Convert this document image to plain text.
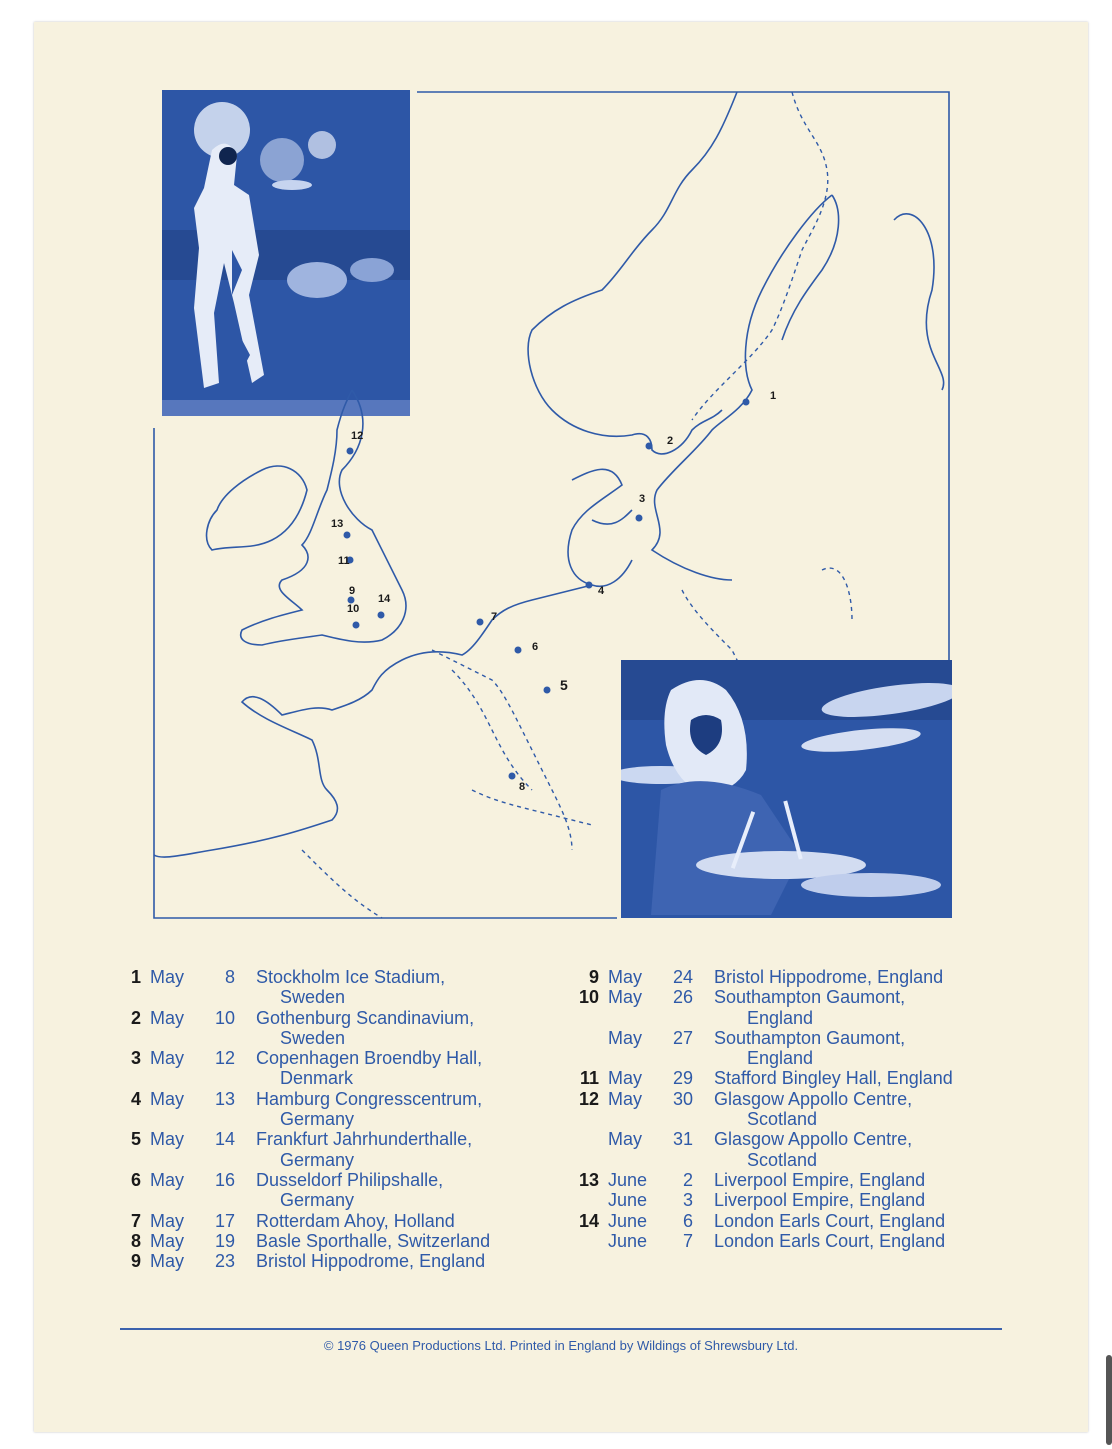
1
2
3
4
5
6
7
8
9
10
11
12
13
14
1 May	8	Stockholm Ice Stadium,
Sweden
2 May	10	Gothenburg Scandinavium,
Sweden
3 May	12	Copenhagen Broendby Hall,
Denmark
4 May	13	Hamburg Congresscentrum,
Germany
5 May	14	Frankfurt Jahrhunderthalle,
Germany
6 May	16	Dusseldorf Philipshalle,
Germany
7 May	17	Rotterdam Ahoy, Holland
8 May	19	Basle Sporthalle, Switzerland
9 May	23	Bristol Hippodrome, England
9 May	24	Bristol Hippodrome, England
10 May	26	Southampton Gaumont,
England
May	27	Southampton Gaumont,
England
11 May	29	Stafford Bingley Hall, England
12 May	30	Glasgow Appollo Centre,
Scotland
May	31	Glasgow Appollo Centre,
Scotland
13 June	2	Liverpool Empire, England
June	3	Liverpool Empire, England
14 June	6	London Earls Court, England
June	7	London Earls Court, England
© 1976 Queen Productions Ltd. Printed in England by Wildings of Shrewsbury Ltd.
